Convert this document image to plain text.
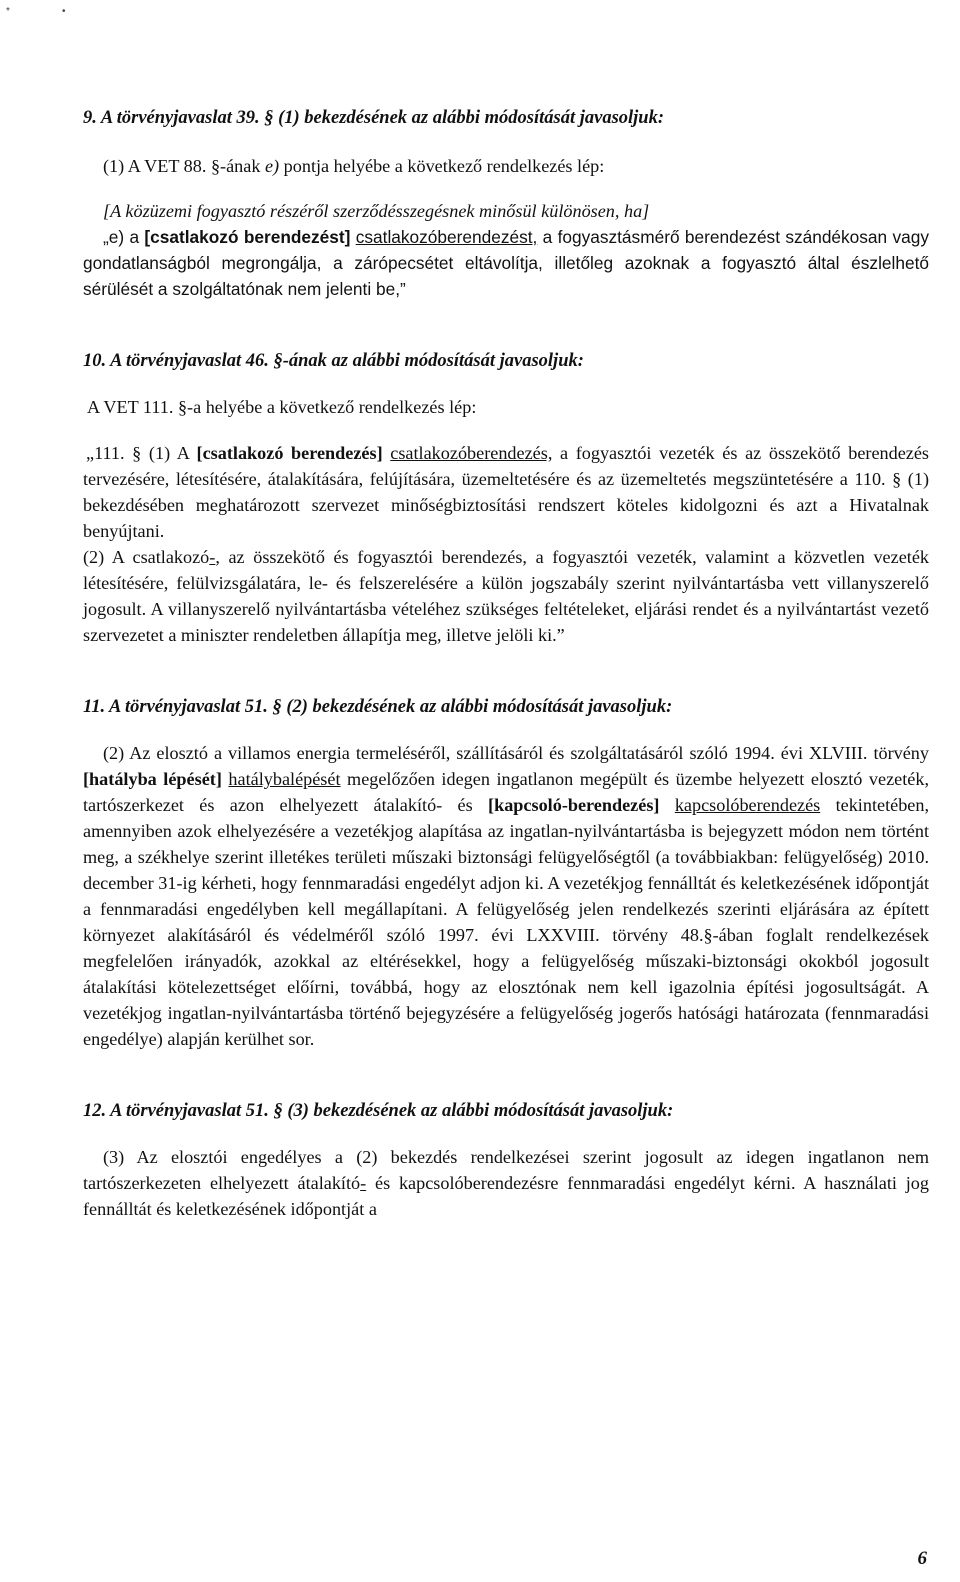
*	•

9. A törvényjavaslat 39. § (1) bekezdésének az alábbi módosítását javasoljuk:

(1) A VET 88. §-ának e) pontja helyébe a következő rendelkezés lép:

[A közüzemi fogyasztó részéről szerződésszegésnek minősül különösen, ha]

„e) a [csatlakozó berendezést] csatlakozóberendezést, a fogyasztásmérő berendezést szándékosan vagy gondatlanságból megrongálja, a zárópecsétet eltávolítja, illetőleg azoknak a fogyasztó által észlelhető sérülését a szolgáltatónak nem jelenti be,”

10. A törvényjavaslat 46. §-ának az alábbi módosítását javasoljuk:

A VET 111. §-a helyébe a következő rendelkezés lép:

„111. § (1) A [csatlakozó berendezés] csatlakozóberendezés, a fogyasztói vezeték és az összekötő berendezés tervezésére, létesítésére, átalakítására, felújítására, üzemeltetésére és az üzemeltetés megszüntetésére a 110. § (1) bekezdésében meghatározott szervezet minőségbiztosítási rendszert köteles kidolgozni és azt a Hivatalnak benyújtani.

(2) A csatlakozó-, az összekötő és fogyasztói berendezés, a fogyasztói vezeték, valamint a közvetlen vezeték létesítésére, felülvizsgálatára, le- és felszerelésére a külön jogszabály szerint nyilvántartásba vett villanyszerelő jogosult. A villanyszerelő nyilvántartásba vételéhez szükséges feltételeket, eljárási rendet és a nyilvántartást vezető szervezetet a miniszter rendeletben állapítja meg, illetve jelöli ki.”

11. A törvényjavaslat 51. § (2) bekezdésének az alábbi módosítását javasoljuk:

(2) Az elosztó a villamos energia termeléséről, szállításáról és szolgáltatásáról szóló 1994. évi XLVIII. törvény [hatályba lépését] hatálybalépését megelőzően idegen ingatlanon megépült és üzembe helyezett elosztó vezeték, tartószerkezet és azon elhelyezett átalakító- és [kapcsoló-berendezés] kapcsolóberendezés tekintetében, amennyiben azok elhelyezésére a vezetékjog alapítása az ingatlan-nyilvántartásba is bejegyzett módon nem történt meg, a székhelye szerint illetékes területi műszaki biztonsági felügyelőségtől (a továbbiakban: felügyelőség) 2010. december 31-ig kérheti, hogy fennmaradási engedélyt adjon ki. A vezetékjog fennálltát és keletkezésének időpontját a fennmaradási engedélyben kell megállapítani. A felügyelőség jelen rendelkezés szerinti eljárására az épített környezet alakításáról és védelméről szóló 1997. évi LXXVIII. törvény 48.§-ában foglalt rendelkezések megfelelően irányadók, azokkal az eltérésekkel, hogy a felügyelőség műszaki-biztonsági okokból jogosult átalakítási kötelezettséget előírni, továbbá, hogy az elosztónak nem kell igazolnia építési jogosultságát. A vezetékjog ingatlan-nyilvántartásba történő bejegyzésére a felügyelőség jogerős hatósági határozata (fennmaradási engedélye) alapján kerülhet sor.

12. A törvényjavaslat 51. § (3) bekezdésének az alábbi módosítását javasoljuk:

(3) Az elosztói engedélyes a (2) bekezdés rendelkezései szerint jogosult az idegen ingatlanon nem tartószerkezeten elhelyezett átalakító- és kapcsolóberendezésre fennmaradási engedélyt kérni. A használati jog fennálltát és keletkezésének időpontját a

6
